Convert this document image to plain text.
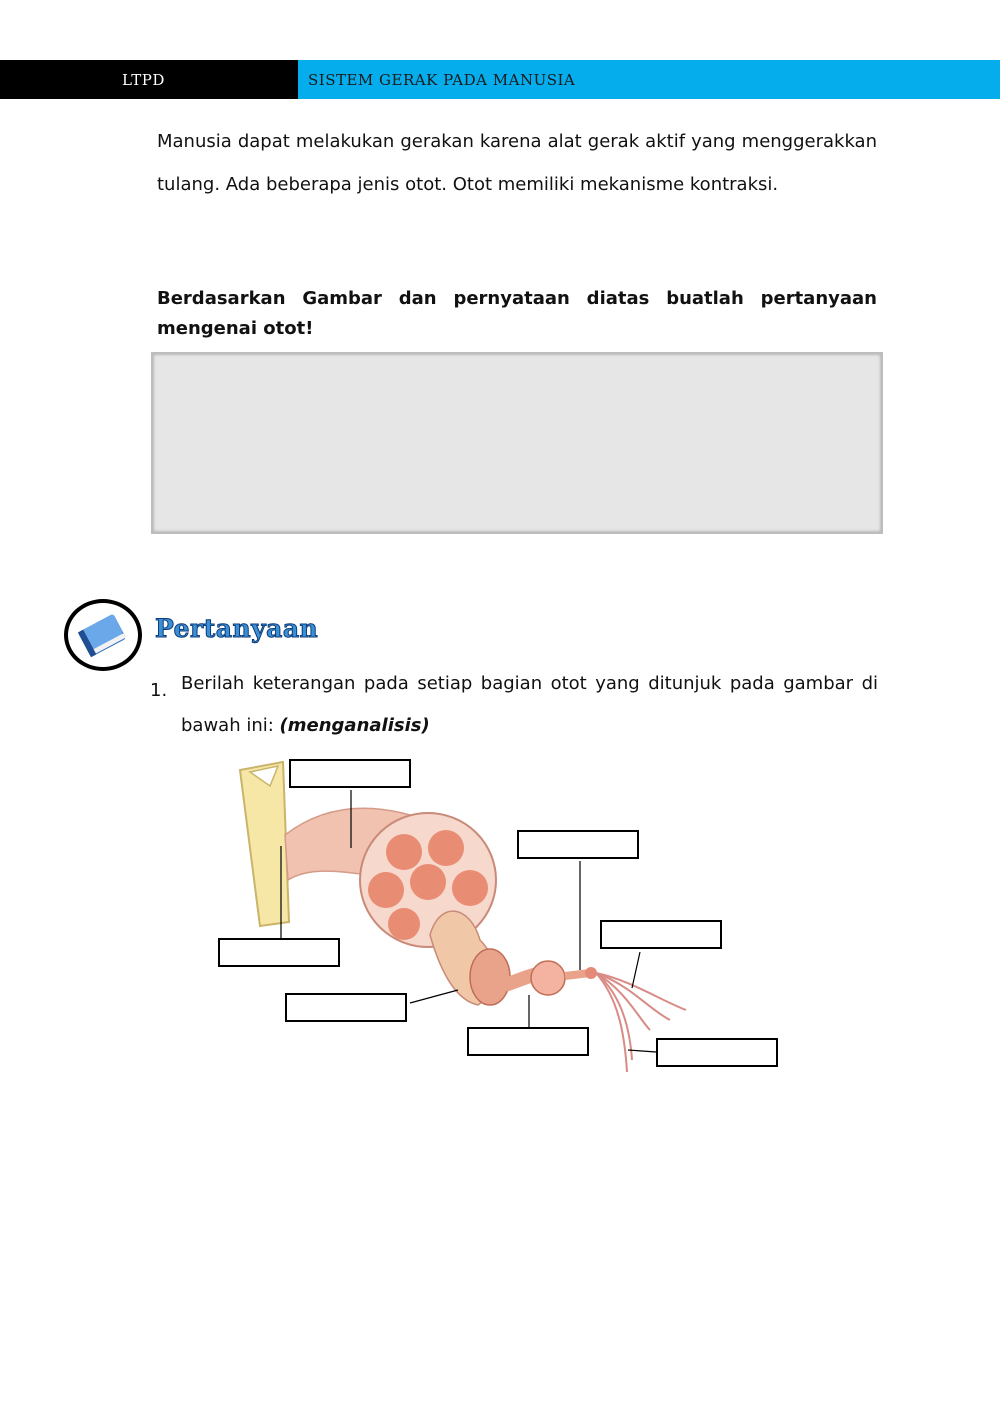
LTPD	SISTEM GERAK PADA MANUSIA
Manusia dapat melakukan gerakan karena alat gerak aktif yang menggerakkan tulang. Ada beberapa jenis otot. Otot memiliki mekanisme kontraksi.
Berdasarkan Gambar dan pernyataan diatas buatlah pertanyaan mengenai otot!
Pertanyaan
1. Berilah keterangan pada setiap bagian otot yang ditunjuk pada gambar di bawah ini: (menganalisis)
